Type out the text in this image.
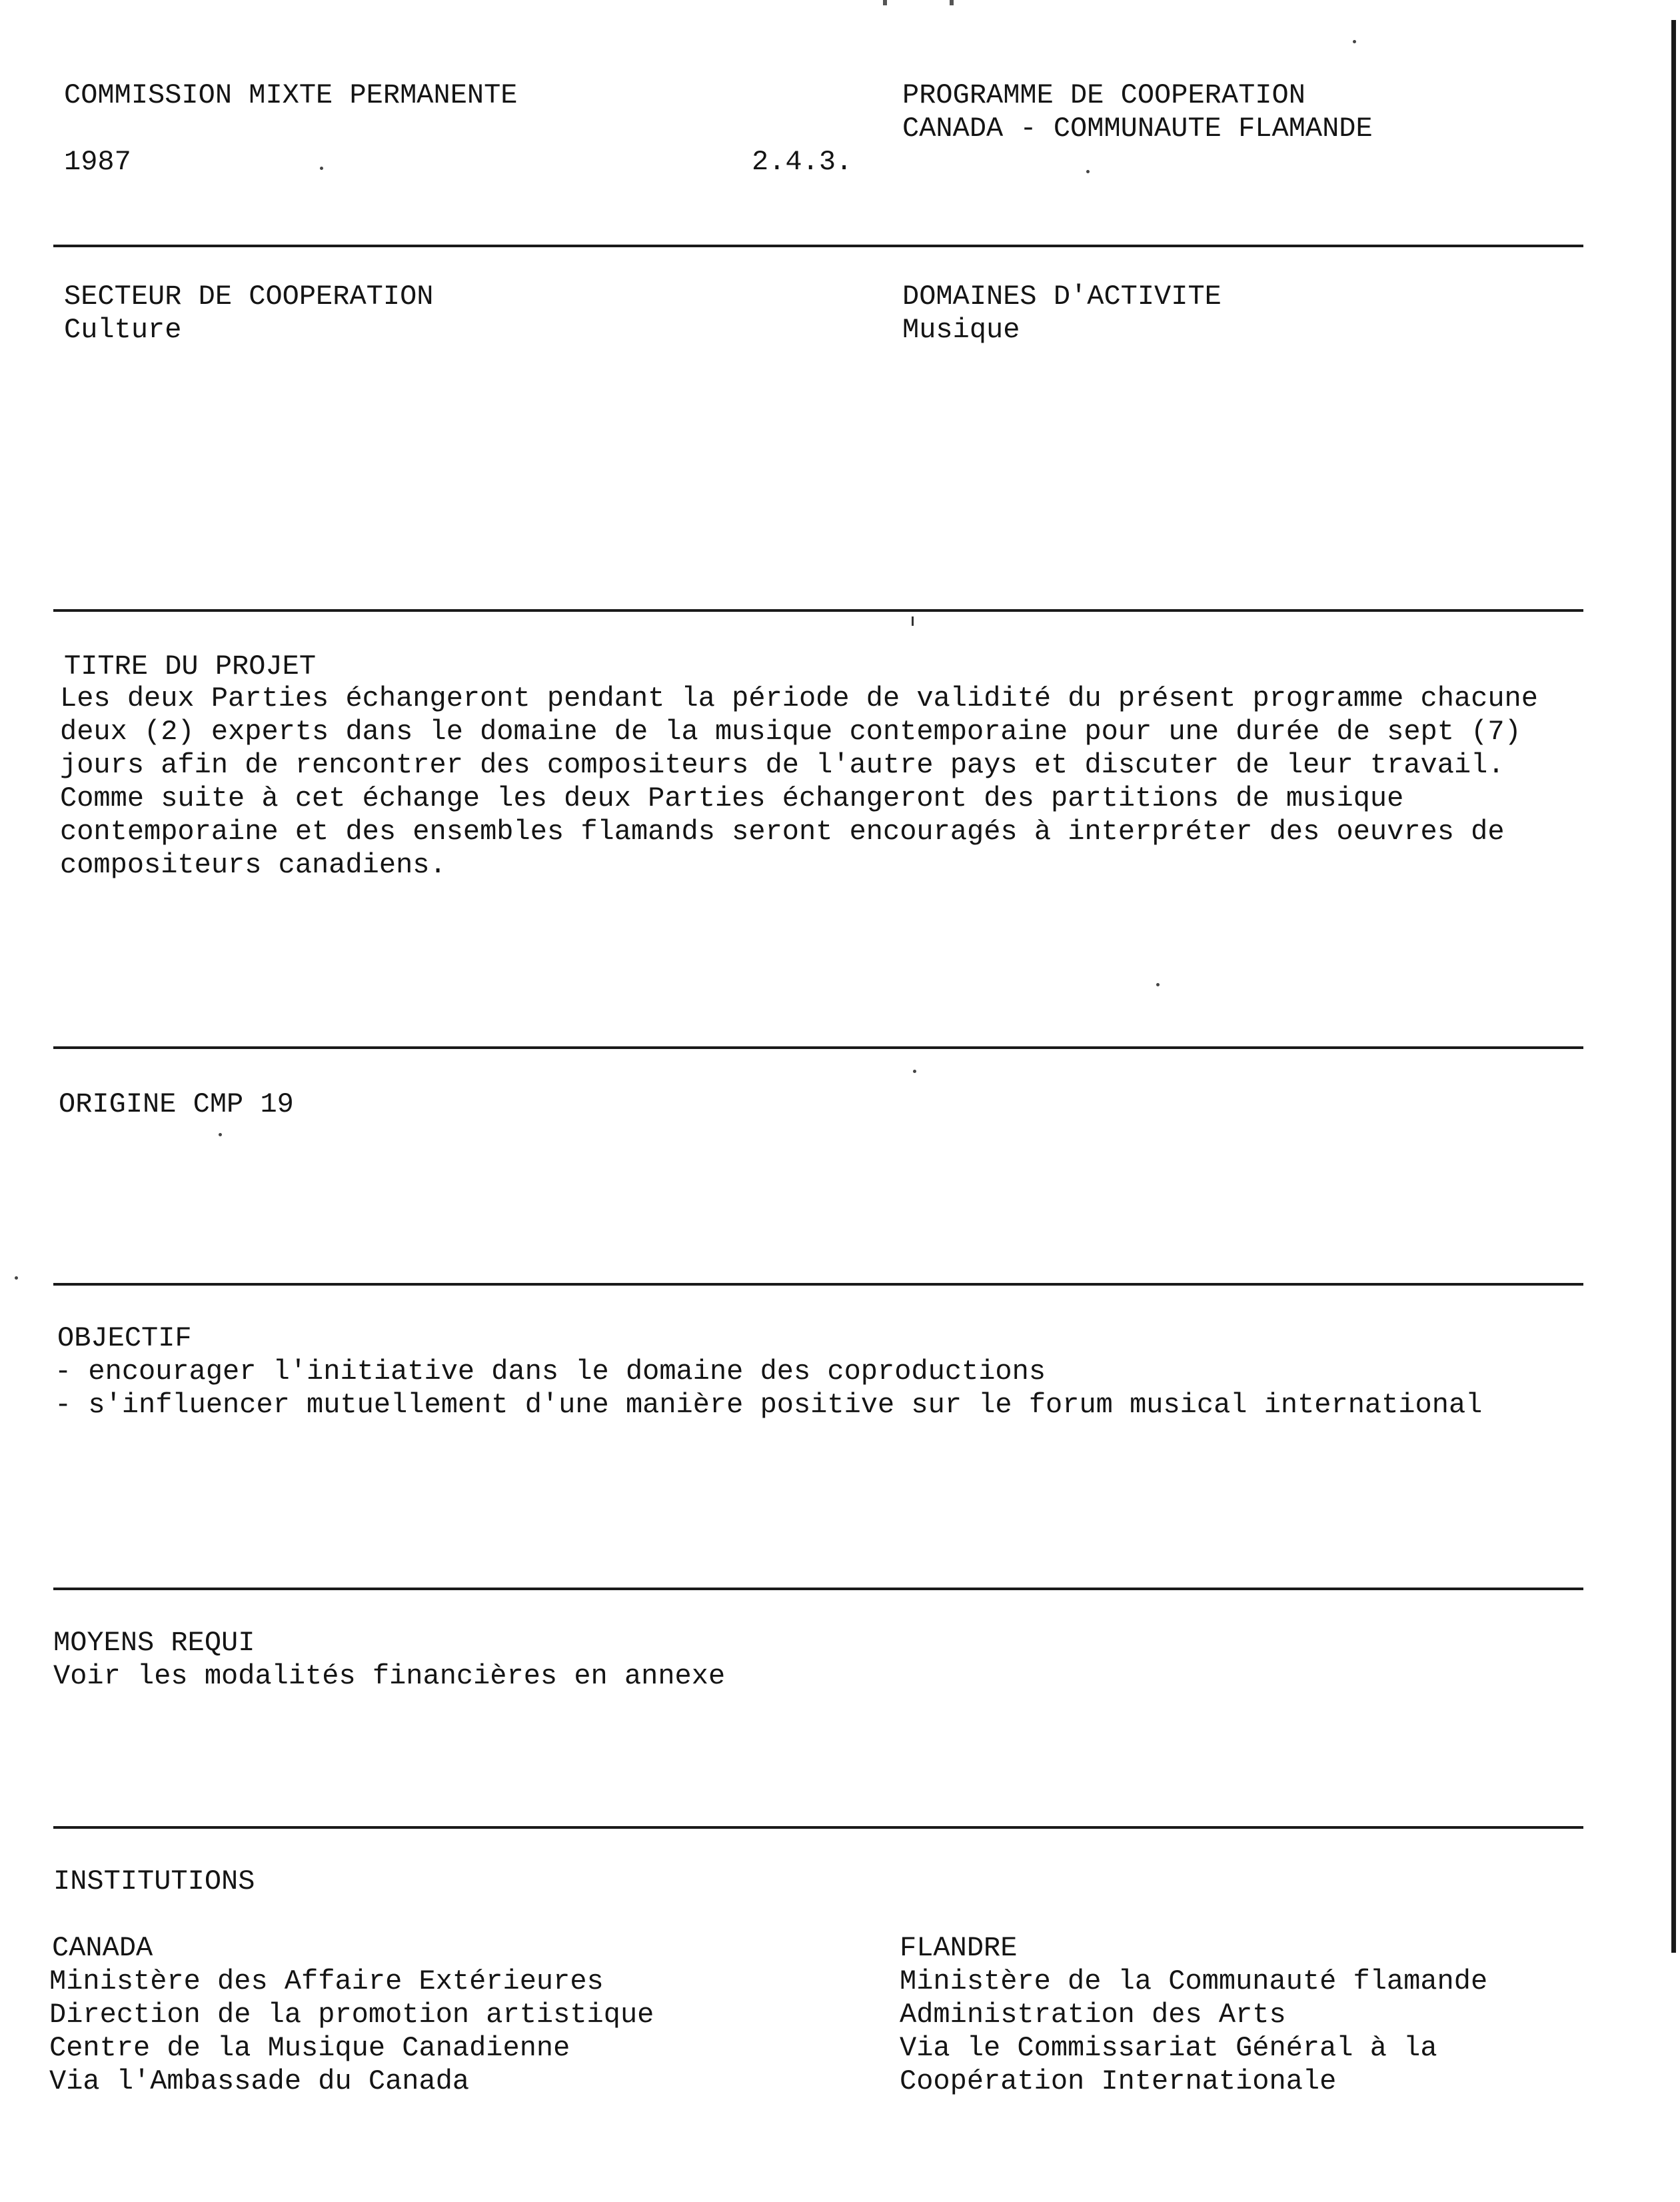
COMMISSION MIXTE PERMANENTE
1987	2.4.3.
PROGRAMME DE COOPERATION
CANADA - COMMUNAUTE FLAMANDE
SECTEUR DE COOPERATION
Culture
DOMAINES D'ACTIVITE
Musique
TITRE DU PROJET
Les deux Parties échangeront pendant la période de validité du présent programme chacune
deux (2) experts dans le domaine de la musique contemporaine pour une durée de sept (7)
jours afin de rencontrer des compositeurs de l'autre pays et discuter de leur travail.
Comme suite à cet échange les deux Parties échangeront des partitions de musique
contemporaine et des ensembles flamands seront encouragés à interpréter des oeuvres de
compositeurs canadiens.
ORIGINE CMP 19
OBJECTIF
- encourager l'initiative dans le domaine des coproductions
- s'influencer mutuellement d'une manière positive sur le forum musical international
MOYENS REQUI
Voir les modalités financières en annexe
INSTITUTIONS
CANADA
Ministère des Affaire Extérieures
Direction de la promotion artistique
Centre de la Musique Canadienne
Via l'Ambassade du Canada
FLANDRE
Ministère de la Communauté flamande
Administration des Arts
Via le Commissariat Général à la
Coopération Internationale
